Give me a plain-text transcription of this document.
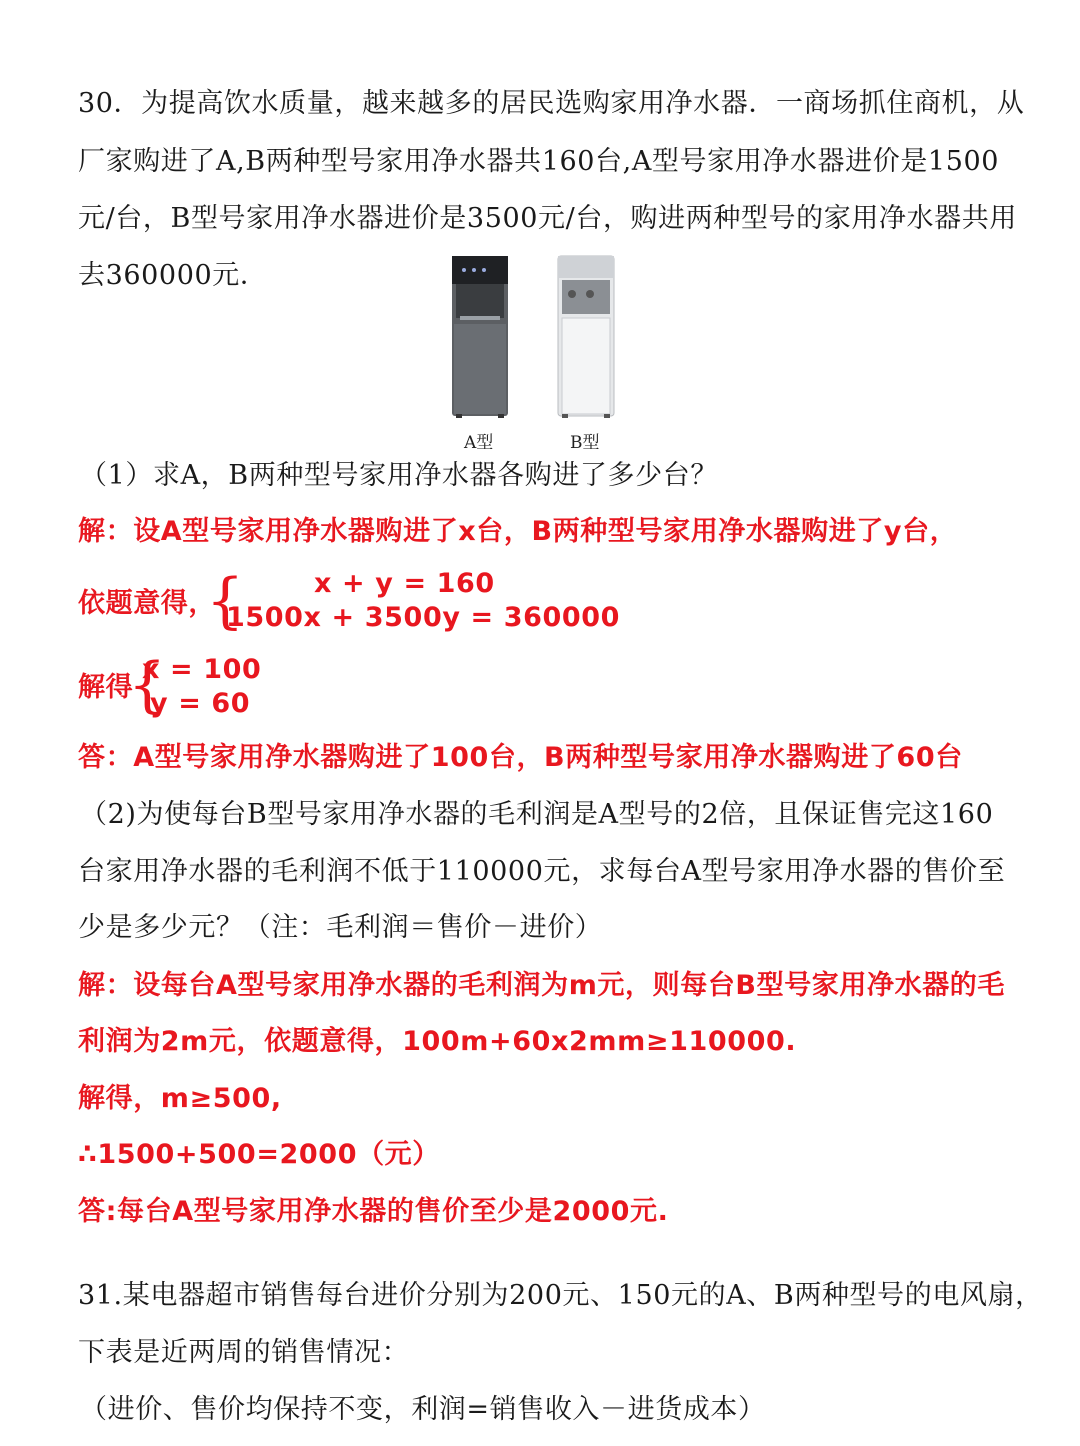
30．为提高饮水质量，越来越多的居民选购家用净水器．一商场抓住商机，从
厂家购进了A,B两种型号家用净水器共160台,A型号家用净水器进价是1500
元/台，B型号家用净水器进价是3500元/台，购进两种型号的家用净水器共用
去360000元．
A型	B型
（1）求A，B两种型号家用净水器各购进了多少台？
解：设A型号家用净水器购进了x台，B两种型号家用净水器购进了y台，
依题意得，
{	x + y = 160
1500x + 3500y = 360000
解得
{
x = 100
y = 60
答：A型号家用净水器购进了100台，B两种型号家用净水器购进了60台
（2)为使每台B型号家用净水器的毛利润是A型号的2倍，且保证售完这160
台家用净水器的毛利润不低于110000元，求每台A型号家用净水器的售价至
少是多少元？（注：毛利润＝售价－进价）
解：设每台A型号家用净水器的毛利润为m元，则每台B型号家用净水器的毛
利润为2m元，依题意得，100m+60x2mm≥110000.
解得，m≥500,
∴1500+500=2000（元）
答:每台A型号家用净水器的售价至少是2000元.
31.某电器超市销售每台进价分别为200元、150元的A、B两种型号的电风扇，
下表是近两周的销售情况：
（进价、售价均保持不变，利润=销售收入－进货成本）
